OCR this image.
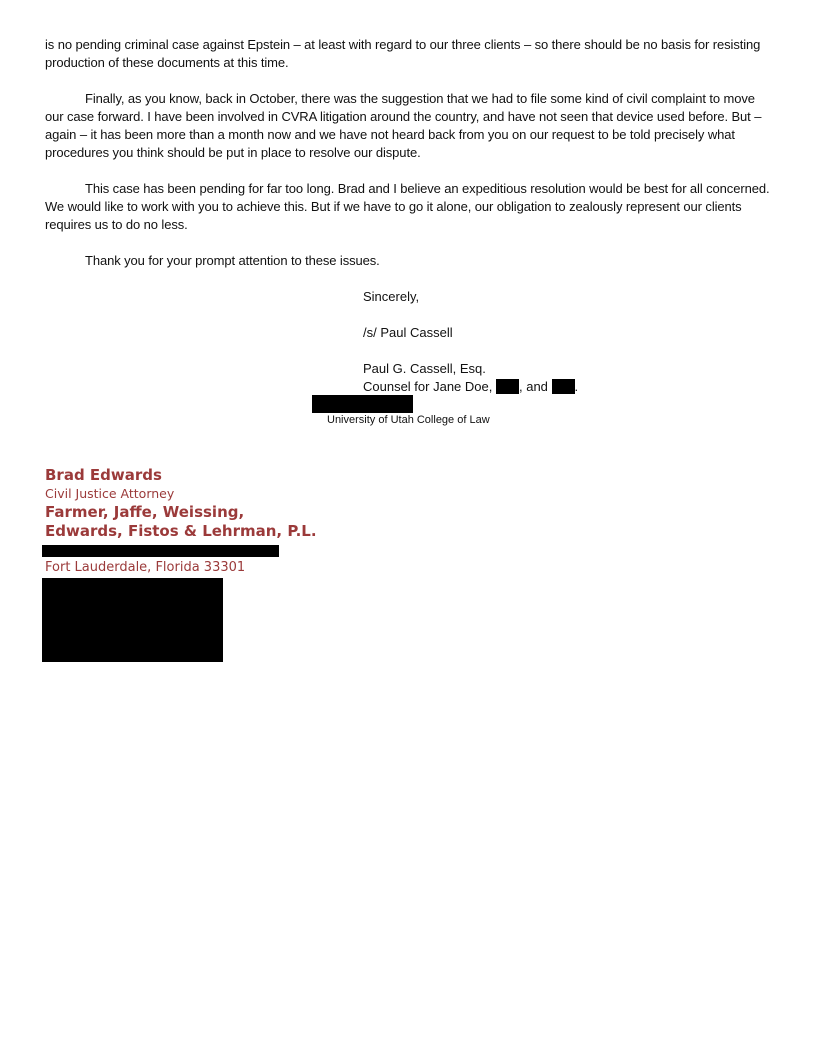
is no pending criminal case against Epstein – at least with regard to our three clients – so there should be no basis for resisting production of these documents at this time.

Finally, as you know, back in October, there was the suggestion that we had to file some kind of civil complaint to move our case forward. I have been involved in CVRA litigation around the country, and have not seen that device used before. But – again – it has been more than a month now and we have not heard back from you on our request to be told precisely what procedures you think should be put in place to resolve our dispute.

This case has been pending for far too long. Brad and I believe an expeditious resolution would be best for all concerned. We would like to work with you to achieve this. But if we have to go it alone, our obligation to zealously represent our clients requires us to do no less.

Thank you for your prompt attention to these issues.

Sincerely,

/s/ Paul Cassell

Paul G. Cassell, Esq.

Counsel for Jane Doe, , and .

University of Utah College of Law

Brad Edwards

Civil Justice Attorney

Farmer, Jaffe, Weissing,

Edwards, Fistos & Lehrman, P.L.

Fort Lauderdale, Florida 33301
